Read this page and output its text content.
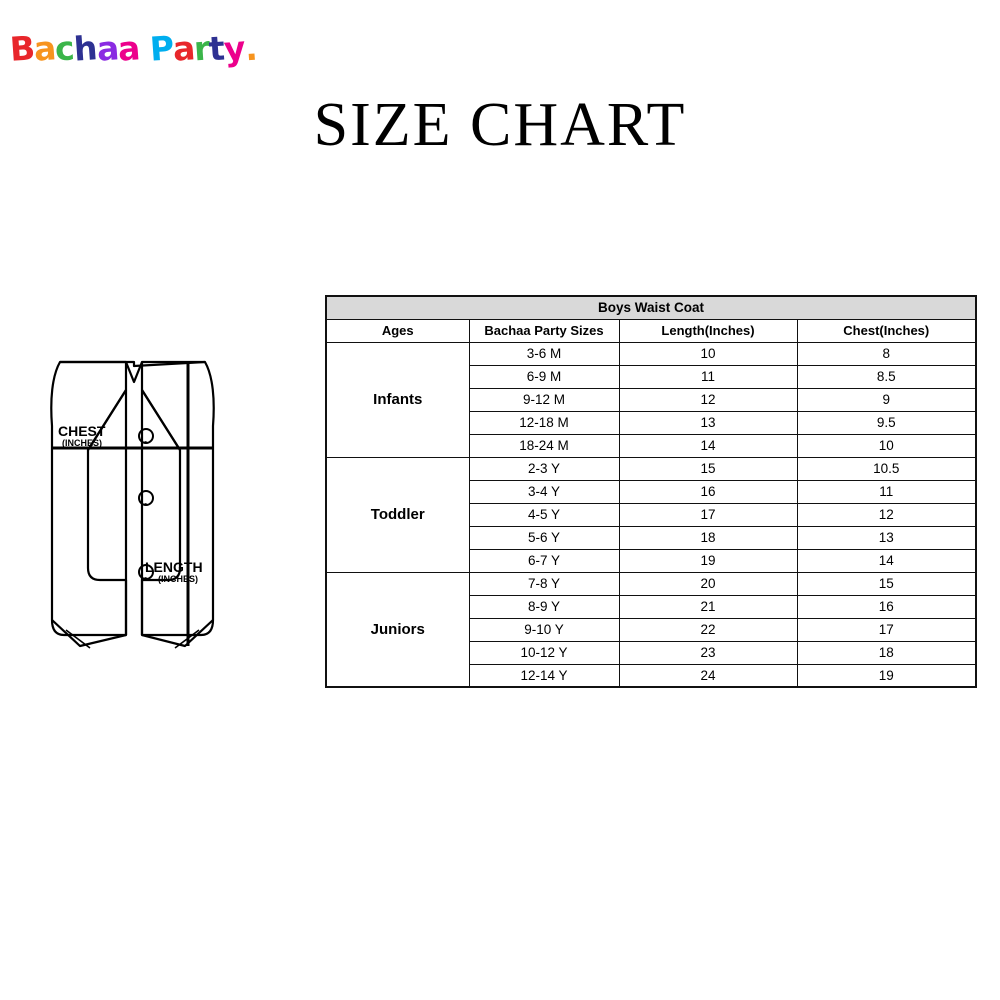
Bachaa Party.
SIZE CHART
CHEST
(INCHES)
LENGTH
(INCHES)
Boys Waist Coat			
Ages	Bachaa Party Sizes	Length(Inches)	Chest(Inches)
Infants	3-6 M	10	8
	6-9 M	11	8.5
	9-12 M	12	9
	12-18 M	13	9.5
	18-24 M	14	10
Toddler	2-3 Y	15	10.5
	3-4 Y	16	11
	4-5 Y	17	12
	5-6 Y	18	13
	6-7 Y	19	14
Juniors	7-8 Y	20	15
	8-9 Y	21	16
	9-10 Y	22	17
	10-12 Y	23	18
	12-14 Y	24	19
